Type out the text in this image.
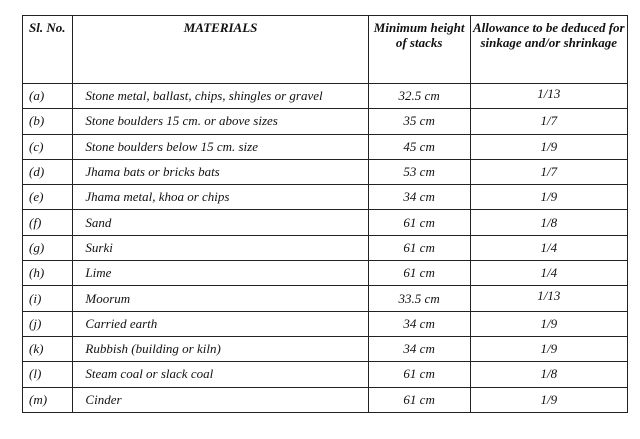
Sl. No.	MATERIALS	Minimum height of stacks	Allowance to be deduced for sinkage and/or shrinkage
(a)	Stone metal, ballast, chips, shingles or gravel	32.5 cm	1/13
(b)	Stone boulders 15 cm. or above sizes	35 cm	1/7
(c)	Stone boulders below 15 cm. size	45 cm	1/9
(d)	Jhama bats or bricks bats	53 cm	1/7
(e)	Jhama metal, khoa or chips	34 cm	1/9
(f)	Sand	61 cm	1/8
(g)	Surki	61 cm	1/4
(h)	Lime	61 cm	1/4
(i)	Moorum	33.5 cm	1/13
(j)	Carried earth	34 cm	1/9
(k)	Rubbish (building or kiln)	34 cm	1/9
(l)	Steam coal or slack coal	61 cm	1/8
(m)	Cinder	61 cm	1/9
